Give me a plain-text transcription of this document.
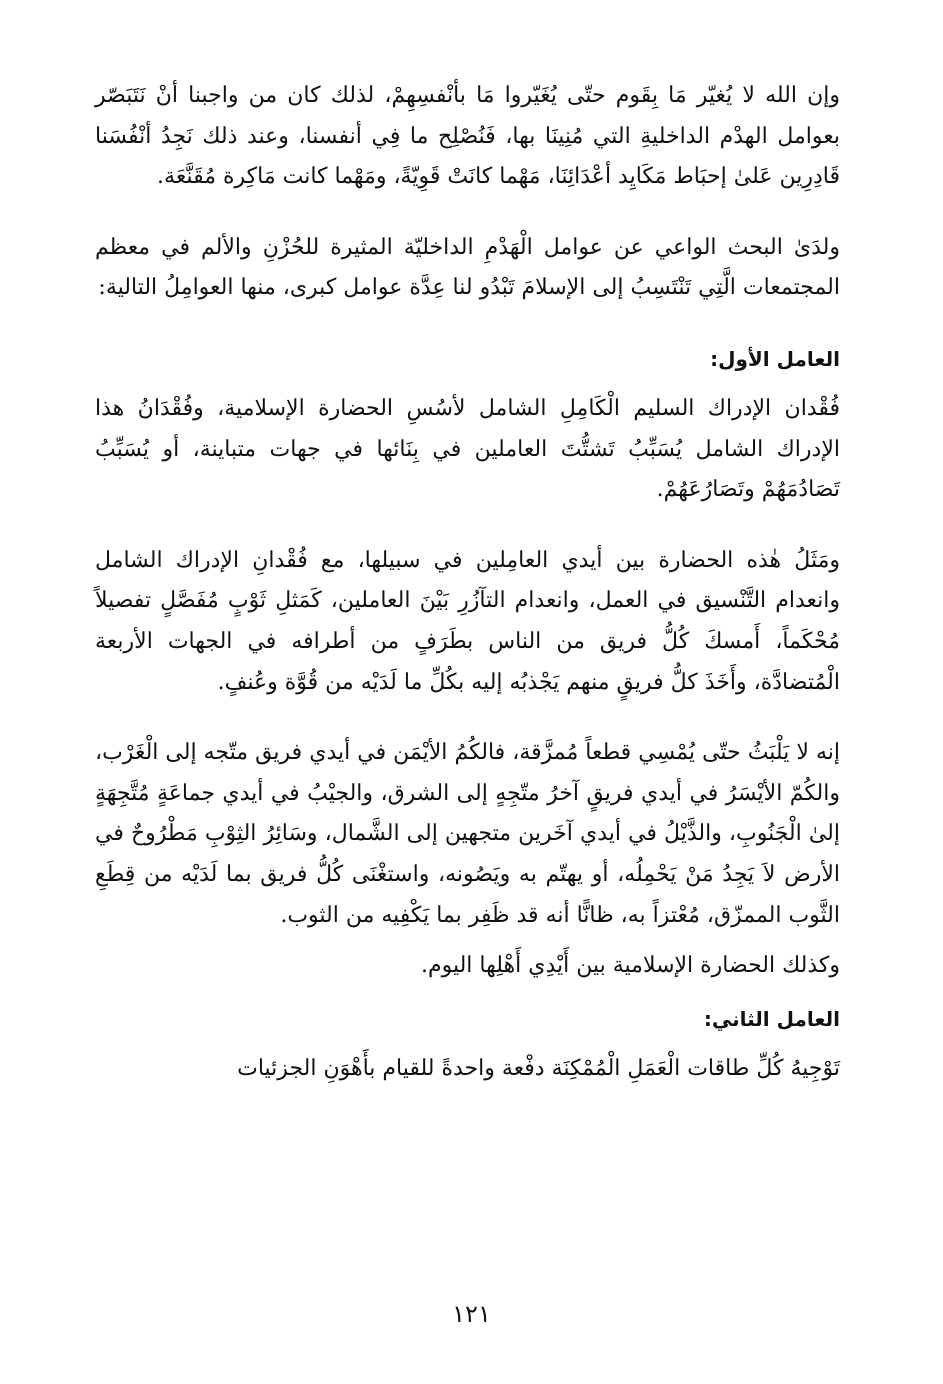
وإن الله لا يُغيّر مَا بِقَوم حتّى يُغَيّروا مَا بأنْفسِهِمْ، لذلك كان من واجبنا أنْ نَتَبَصّر بعوامل الهدْم الداخليةِ التي مُنِينَا بها، فَنُصْلِح ما فِي أنفسنا، وعند ذلك نَجِدُ أنْفُسَنا قَادِرِين عَلىٰ إحبَاط مَكَايِد أعْدَائِنَا، مَهْما كانَتْ قَوِيّةً، ومَهْما كانت مَاكِرة مُقَنَّعَة.

ولدَىٰ البحث الواعي عن عوامل الْهَدْمِ الداخليّة المثيرة للحُزْنِ والألم في معظم المجتمعات الَّتِي تَنْتَسِبُ إلى الإسلامَ تَبْدُو لنا عِدَّة عوامل كبرى، منها العوامِلُ التالية:

العامل الأول:

فُقْدان الإدراك السليم الْكَامِلِ الشامل لأسُسِ الحضارة الإسلامية، وفُقْدَانُ هذا الإدراك الشامل يُسَبِّبُ تَشتُّتَ العاملين في بِنَائها في جهات متباينة، أو يُسَبِّبُ تَصَادُمَهُمْ وتَصَارُعَهُمْ.

ومَثَلُ هٰذه الحضارة بين أيدي العامِلين في سبيلها، مع فُقْدانِ الإدراك الشامل وانعدام التَّنْسيق في العمل، وانعدام التآزُرِ بَيْنَ العاملين، كَمَثلِ ثَوْبٍ مُفَصَّلٍ تفصيلاً مُحْكَماً، أَمسكَ كُلُّ فريق من الناس بطَرَفٍ من أطرافه في الجهات الأربعة الْمُتضادَّة، وأَخَذَ كلُّ فريقٍ منهم يَجْذبُه إليه بكُلِّ ما لَدَيْه من قُوَّة وعُنفٍ.

إنه لا يَلْبَثُ حتّى يُمْسِي قطعاً مُمزَّقة، فالكُمُ الأيْمَن في أيدي فريق متّجه إلى الْغَرْب، والكُمّ الأيْسَرُ في أيدي فريقٍ آخرُ متّجِهٍ إلى الشرق، والجيْبُ في أيدي جماعَةٍ مُتَّجِهَةٍ إلىٰ الْجَنُوبِ، والذَّيْلُ في أيدي آخَرين متجهين إلى الشَّمال، وسَائِرُ الثِوْبِ مَطْرُوحٌ في الأرض لاَ يَجِدُ مَنْ يَحْمِلُه، أو يهتّم به ويَصُونه، واستغْنَى كُلُّ فريق بما لَدَيْه من قِطَعِ الثَّوب الممزّق، مُعْتزاً به، ظانًّا أنه قد ظَفِر بما يَكْفِيه من الثوب.

وكذلك الحضارة الإسلامية بين أَيْدِي أَهْلِها اليوم.

العامل الثاني:

تَوْجِيهُ كُلِّ طاقات الْعَمَلِ الْمُمْكِنَة دفْعة واحدةً للقيام بأَهْوَنِ الجزئيات

١٢١
